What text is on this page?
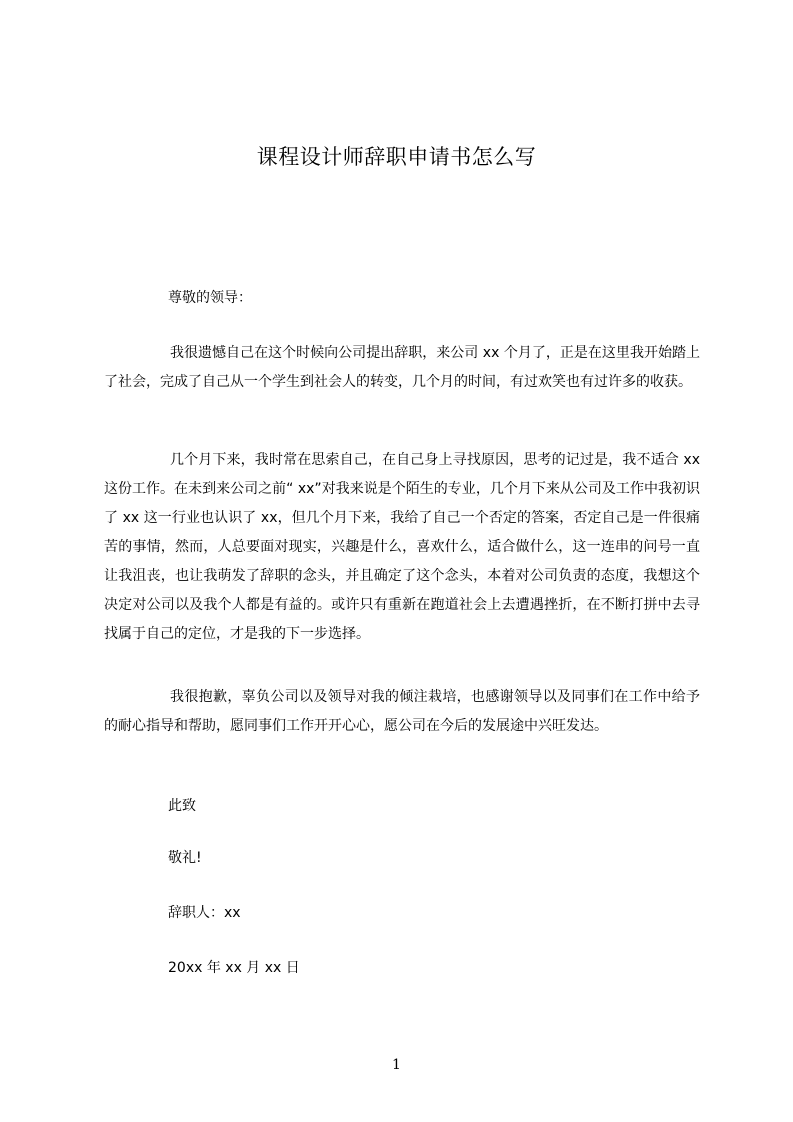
课程设计师辞职申请书怎么写
尊敬的领导：
我很遗憾自己在这个时候向公司提出辞职，来公司 xx 个月了，正是在这里我开始踏上了社会，完成了自己从一个学生到社会人的转变，几个月的时间，有过欢笑也有过许多的收获。
几个月下来，我时常在思索自己，在自己身上寻找原因，思考的记过是，我不适合 xx 这份工作。在未到来公司之前“ xx”对我来说是个陌生的专业，几个月下来从公司及工作中我初识了 xx 这一行业也认识了 xx，但几个月下来，我给了自己一个否定的答案，否定自己是一件很痛苦的事情，然而，人总要面对现实，兴趣是什么，喜欢什么，适合做什么，这一连串的问号一直让我沮丧，也让我萌发了辞职的念头，并且确定了这个念头，本着对公司负责的态度，我想这个决定对公司以及我个人都是有益的。或许只有重新在跑道社会上去遭遇挫折，在不断打拼中去寻找属于自己的定位，才是我的下一步选择。
我很抱歉，辜负公司以及领导对我的倾注栽培，也感谢领导以及同事们在工作中给予的耐心指导和帮助，愿同事们工作开开心心，愿公司在今后的发展途中兴旺发达。
此致
敬礼!
辞职人：xx
20xx 年 xx 月 xx 日
1
